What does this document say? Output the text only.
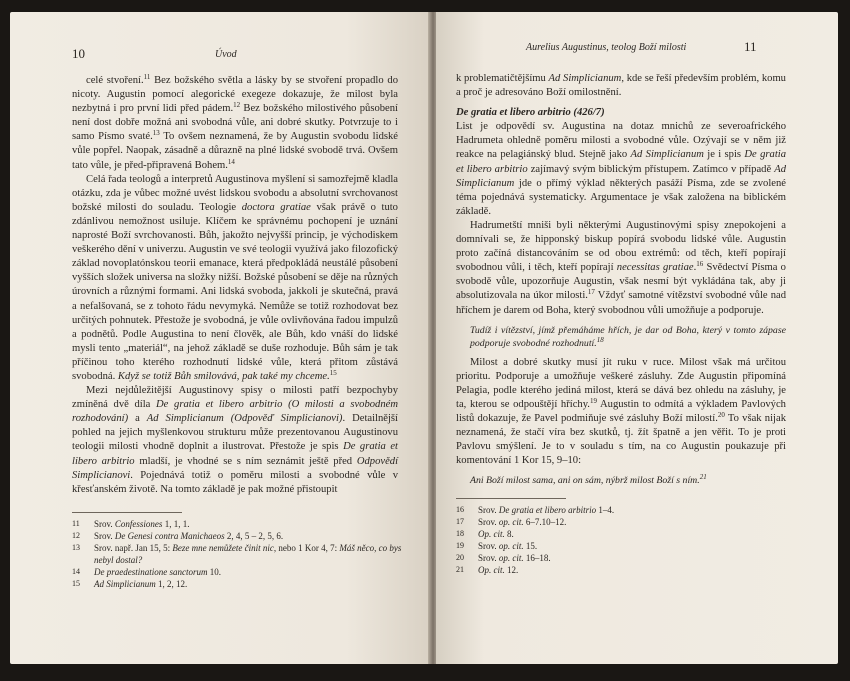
10	Úvod

celé stvoření.$^{11}$ Bez božského světla a lásky by se stvoření propadlo do nicoty. Augustin pomocí alegorické exegeze dokazuje, že milost byla nezbytná i pro první lidi před pádem.$^{12}$ Bez božského milostivého působení není dost dobře možná ani svobodná vůle, ani dobré skutky. Potvrzuje to i samo Písmo svaté.$^{13}$ To ovšem neznamená, že by Augustin svobodu lidské vůle popřel. Naopak, zásadně a důrazně na plné lidské svobodě trvá. Ovšem tato vůle, je před-připravená Bohem.$^{14}$

Celá řada teologů a interpretů Augustinova myšlení si samozřejmě kladla otázku, zda je vůbec možné uvést lidskou svobodu a absolutní svrchovanost božské milosti do souladu. Teologie doctora gratiae však právě o tuto zdánlivou nemožnost usiluje. Klíčem ke správnému pochopení je uznání naprosté Boží svrchovanosti. Bůh, jakožto nejvyšší princip, je východiskem veškerého dění v univerzu. Augustin ve své teologii využívá jako filozofický základ novoplatónskou teorii emanace, která předpokládá neustálé působení vyšších složek universa na složky nižší. Božské působení se děje na různých úrovních a různými formami. Ani lidská svoboda, jakkoli je skutečná, pravá a nefalšovaná, se z tohoto řádu nevymyká. Nemůže se totiž rozhodovat bez určitých pohnutek. Přestože je svobodná, je vůle ovlivňována řadou impulzů a podnětů. Podle Augustina to není člověk, ale Bůh, kdo vnáší do lidské mysli tento „materiál“, na jehož základě se duše rozhoduje. Bůh sám je tak příčinou toho kterého rozhodnutí lidské vůle, která přitom zůstává svobodná. Když se totiž Bůh smilovává, pak také my chceme.$^{15}$

Mezi nejdůležitější Augustinovy spisy o milosti patří bezpochyby zmíněná dvě díla De gratia et libero arbitrio (O milosti a svobodném rozhodování) a Ad Simplicianum (Odpověď Simplicianovi). Detailnější pohled na jejich myšlenkovou strukturu může prezentovanou Augustinovu teologii milosti vhodně doplnit a ilustrovat. Přestože je spis De gratia et libero arbitrio mladší, je vhodné se s ním seznámit ještě před Odpovědí Simplicianovi. Pojednává totiž o poměru milosti a svobodné vůle v křesťanském životě. Na tomto základě je pak možné přistoupit

11	Srov. Confessiones 1, 1, 1.
12	Srov. De Genesi contra Manichaeos 2, 4, 5 – 2, 5, 6.
13	Srov. např. Jan 15, 5: Beze mne nemůžete činit nic, nebo 1 Kor 4, 7: Máš něco, co bys nebyl dostal?
14	De praedestinatione sanctorum 10.
15	Ad Simplicianum 1, 2, 12.
Aurelius Augustinus, teolog Boží milosti	11

k problematičtějšímu Ad Simplicianum, kde se řeší především problém, komu a proč je adresováno Boží omilostnění.

De gratia et libero arbitrio (426/7)

List je odpovědí sv. Augustina na dotaz mnichů ze severoafrického Hadrumeta ohledně poměru milosti a svobodné vůle. Ozývají se v něm již reakce na pelagiánský blud. Stejně jako Ad Simplicianum je i spis De gratia et libero arbitrio zajímavý svým biblickým přístupem. Zatímco v případě Ad Simplicianum jde o přímý výklad některých pasáží Písma, zde se zvolené téma pojednává systematicky. Argumentace je však založena na biblickém základě.

Hadrumetští mniši byli některými Augustinovými spisy znepokojeni a domnívali se, že hipponský biskup popírá svobodu lidské vůle. Augustin proto začíná distancováním se od obou extrémů: od těch, kteří popírají svobodnou vůli, i těch, kteří popírají necessitas gratiae.$^{16}$ Svědectví Písma o svobodě vůle, upozorňuje Augustin, však nesmí být vykládána tak, aby ji absolutizovala na úkor milosti.$^{17}$ Vždyť samotné vítězství svobodné vůle nad hříchem je darem od Boha, který svobodnou vůli umožňuje a podporuje.

Tudíž i vítězství, jímž přemáháme hřích, je dar od Boha, který v tomto zápase podporuje svobodné rozhodnutí.$^{18}$

Milost a dobré skutky musí jít ruku v ruce. Milost však má určitou prioritu. Podporuje a umožňuje veškeré zásluhy. Zde Augustin připomíná Pelagia, podle kterého jediná milost, která se dává bez ohledu na zásluhy, je ta, kterou se odpouštějí hříchy.$^{19}$ Augustin to odmítá a výkladem Pavlových listů dokazuje, že Pavel podmiňuje své zásluhy Boží milostí.$^{20}$ To však nijak neznamená, že stačí víra bez skutků, tj. žít špatně a jen věřit. To je proti Pavlovu smýšlení. Je to v souladu s tím, na co Augustin poukazuje při komentování 1 Kor 15, 9–10:

Ani Boží milost sama, ani on sám, nýbrž milost Boží s ním.$^{21}$
16	Srov. De gratia et libero arbitrio 1–4.
17	Srov. op. cit. 6–7.10–12.
18	Op. cit. 8.
19	Srov. op. cit. 15.
20	Srov. op. cit. 16–18.
21	Op. cit. 12.
